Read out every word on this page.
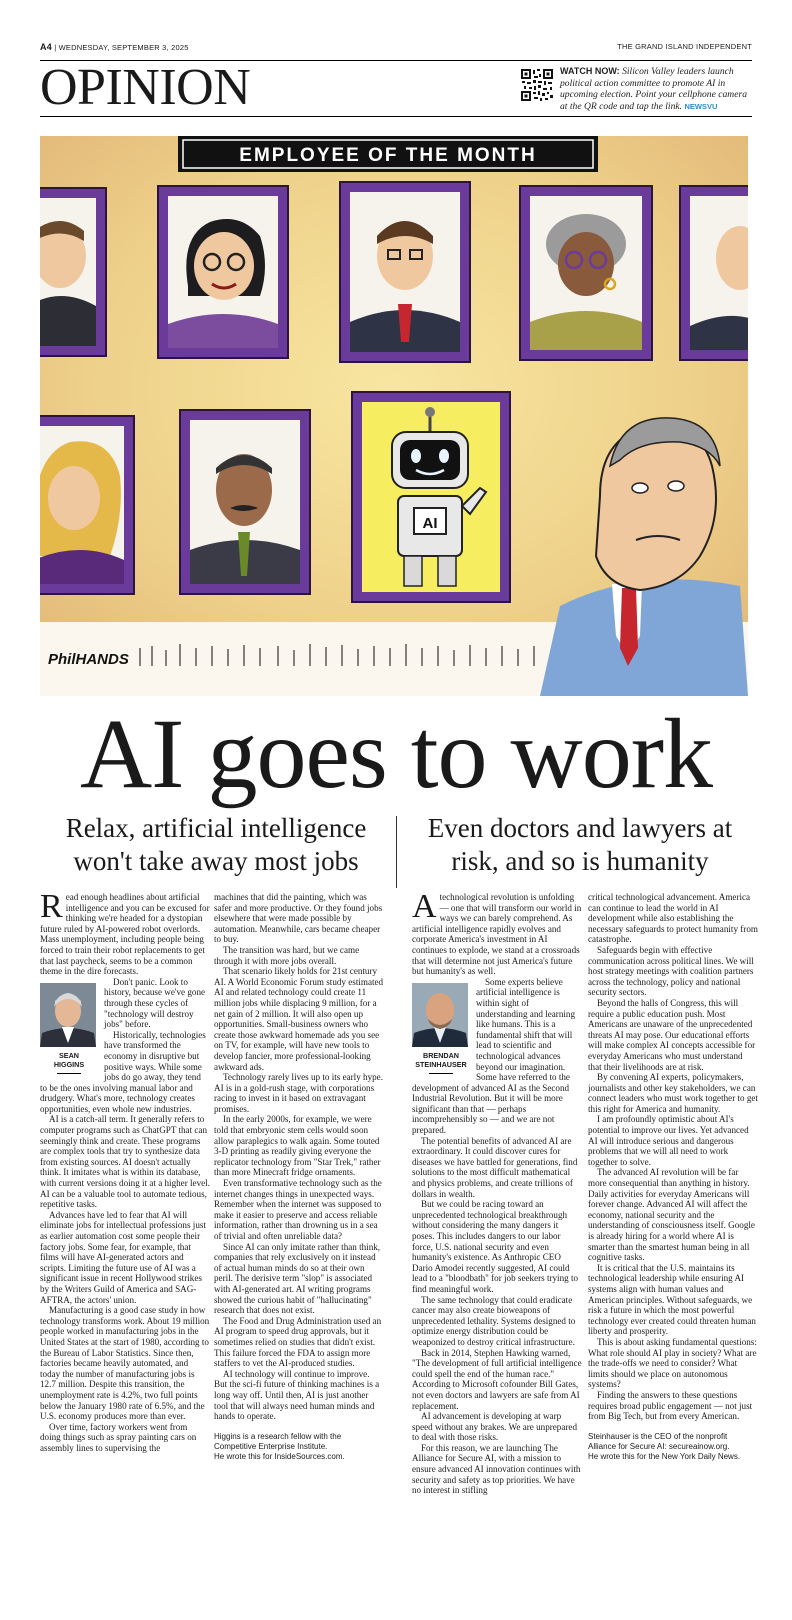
A4 | WEDNESDAY, SEPTEMBER 3, 2025	THE GRAND ISLAND INDEPENDENT
OPINION	WATCH NOW: Silicon Valley leaders launch political action committee to promote AI in upcoming election. Point your cellphone camera at the QR code and tap the link. NEWSVU
EMPLOYEE OF THE MONTH
AI
PhilHANDS
AI goes to work
Relax, artificial intelligence won't take away most jobs
Even doctors and lawyers at risk, and so is humanity

Read enough headlines about artificial intelligence and you can be excused for thinking we're headed for a dystopian future ruled by AI-powered robot overlords. Mass unemployment, including people being forced to train their robot replacements to get that last paycheck, seems to be a common theme in the dire forecasts.

SEAN
HIGGINS

Don't panic. Look to history, because we've gone through these cycles of "technology will destroy jobs" before.

Historically, technologies have transformed the economy in disruptive but positive ways. While some jobs do go away, they tend to be the ones involving manual labor and drudgery. What's more, technology creates opportunities, even whole new industries.

AI is a catch-all term. It generally refers to computer programs such as ChatGPT that can seemingly think and create. These programs are complex tools that try to synthesize data from existing sources. AI doesn't actually think. It imitates what is within its database, with current versions doing it at a higher level. AI can be a valuable tool to automate tedious, repetitive tasks.

Advances have led to fear that AI will eliminate jobs for intellectual professions just as earlier automation cost some people their factory jobs. Some fear, for example, that films will have AI-generated actors and scripts. Limiting the future use of AI was a significant issue in recent Hollywood strikes by the Writers Guild of America and SAG-AFTRA, the actors' union.

Manufacturing is a good case study in how technology transforms work. About 19 million people worked in manufacturing jobs in the United States at the start of 1980, according to the Bureau of Labor Statistics. Since then, factories became heavily automated, and today the number of manufacturing jobs is 12.7 million. Despite this transition, the unemployment rate is 4.2%, two full points below the January 1980 rate of 6.5%, and the U.S. economy produces more than ever.

Over time, factory workers went from doing things such as spray painting cars on assembly lines to supervising the

machines that did the painting, which was safer and more productive. Or they found jobs elsewhere that were made possible by automation. Meanwhile, cars became cheaper to buy.

The transition was hard, but we came through it with more jobs overall.

That scenario likely holds for 21st century AI. A World Economic Forum study estimated AI and related technology could create 11 million jobs while displacing 9 million, for a net gain of 2 million. It will also open up opportunities. Small-business owners who create those awkward homemade ads you see on TV, for example, will have new tools to develop fancier, more professional-looking awkward ads.

Technology rarely lives up to its early hype. AI is in a gold-rush stage, with corporations racing to invest in it based on extravagant promises.

In the early 2000s, for example, we were told that embryonic stem cells would soon allow paraplegics to walk again. Some touted 3-D printing as readily giving everyone the replicator technology from "Star Trek," rather than more Minecraft fridge ornaments.

Even transformative technology such as the internet changes things in unexpected ways. Remember when the internet was supposed to make it easier to preserve and access reliable information, rather than drowning us in a sea of trivial and often unreliable data?

Since AI can only imitate rather than think, companies that rely exclusively on it instead of actual human minds do so at their own peril. The derisive term "slop" is associated with AI-generated art. AI writing programs showed the curious habit of "hallucinating" research that does not exist.

The Food and Drug Administration used an AI program to speed drug approvals, but it sometimes relied on studies that didn't exist. This failure forced the FDA to assign more staffers to vet the AI-produced studies.

AI technology will continue to improve. But the sci-fi future of thinking machines is a long way off. Until then, AI is just another tool that will always need human minds and hands to operate.

Higgins is a research fellow with the
Competitive Enterprise Institute.
He wrote this for InsideSources.com.

Atechnological revolution is unfolding — one that will transform our world in ways we can barely comprehend. As artificial intelligence rapidly evolves and corporate America's investment in AI continues to explode, we stand at a crossroads that will determine not just America's future but humanity's as well.

BRENDAN
STEINHAUSER

Some experts believe artificial intelligence is within sight of understanding and learning like humans. This is a fundamental shift that will lead to scientific and technological advances beyond our imagination. Some have referred to the development of advanced AI as the Second Industrial Revolution. But it will be more significant than that — perhaps incomprehensibly so — and we are not prepared.

The potential benefits of advanced AI are extraordinary. It could discover cures for diseases we have battled for generations, find solutions to the most difficult mathematical and physics problems, and create trillions of dollars in wealth.

But we could be racing toward an unprecedented technological breakthrough without considering the many dangers it poses. This includes dangers to our labor force, U.S. national security and even humanity's existence. As Anthropic CEO Dario Amodei recently suggested, AI could lead to a "bloodbath" for job seekers trying to find meaningful work.

The same technology that could eradicate cancer may also create bioweapons of unprecedented lethality. Systems designed to optimize energy distribution could be weaponized to destroy critical infrastructure.

Back in 2014, Stephen Hawking warned, "The development of full artificial intelligence could spell the end of the human race." According to Microsoft cofounder Bill Gates, not even doctors and lawyers are safe from AI replacement.

AI advancement is developing at warp speed without any brakes. We are unprepared to deal with those risks.

For this reason, we are launching The Alliance for Secure AI, with a mission to ensure advanced AI innovation continues with security and safety as top priorities. We have no interest in stifling

critical technological advancement. America can continue to lead the world in AI development while also establishing the necessary safeguards to protect humanity from catastrophe.

Safeguards begin with effective communication across political lines. We will host strategy meetings with coalition partners across the technology, policy and national security sectors.

Beyond the halls of Congress, this will require a public education push. Most Americans are unaware of the unprecedented threats AI may pose. Our educational efforts will make complex AI concepts accessible for everyday Americans who must understand that their livelihoods are at risk.

By convening AI experts, policymakers, journalists and other key stakeholders, we can connect leaders who must work together to get this right for America and humanity.

I am profoundly optimistic about AI's potential to improve our lives. Yet advanced AI will introduce serious and dangerous problems that we will all need to work together to solve.

The advanced AI revolution will be far more consequential than anything in history. Daily activities for everyday Americans will forever change. Advanced AI will affect the economy, national security and the understanding of consciousness itself. Google is already hiring for a world where AI is smarter than the smartest human being in all cognitive tasks.

It is critical that the U.S. maintains its technological leadership while ensuring AI systems align with human values and American principles. Without safeguards, we risk a future in which the most powerful technology ever created could threaten human liberty and prosperity.

This is about asking fundamental questions: What role should AI play in society? What are the trade-offs we need to consider? What limits should we place on autonomous systems?

Finding the answers to these questions requires broad public engagement — not just from Big Tech, but from every American.

Steinhauser is the CEO of the nonprofit
Alliance for Secure AI: secureainow.org.
He wrote this for the New York Daily News.
